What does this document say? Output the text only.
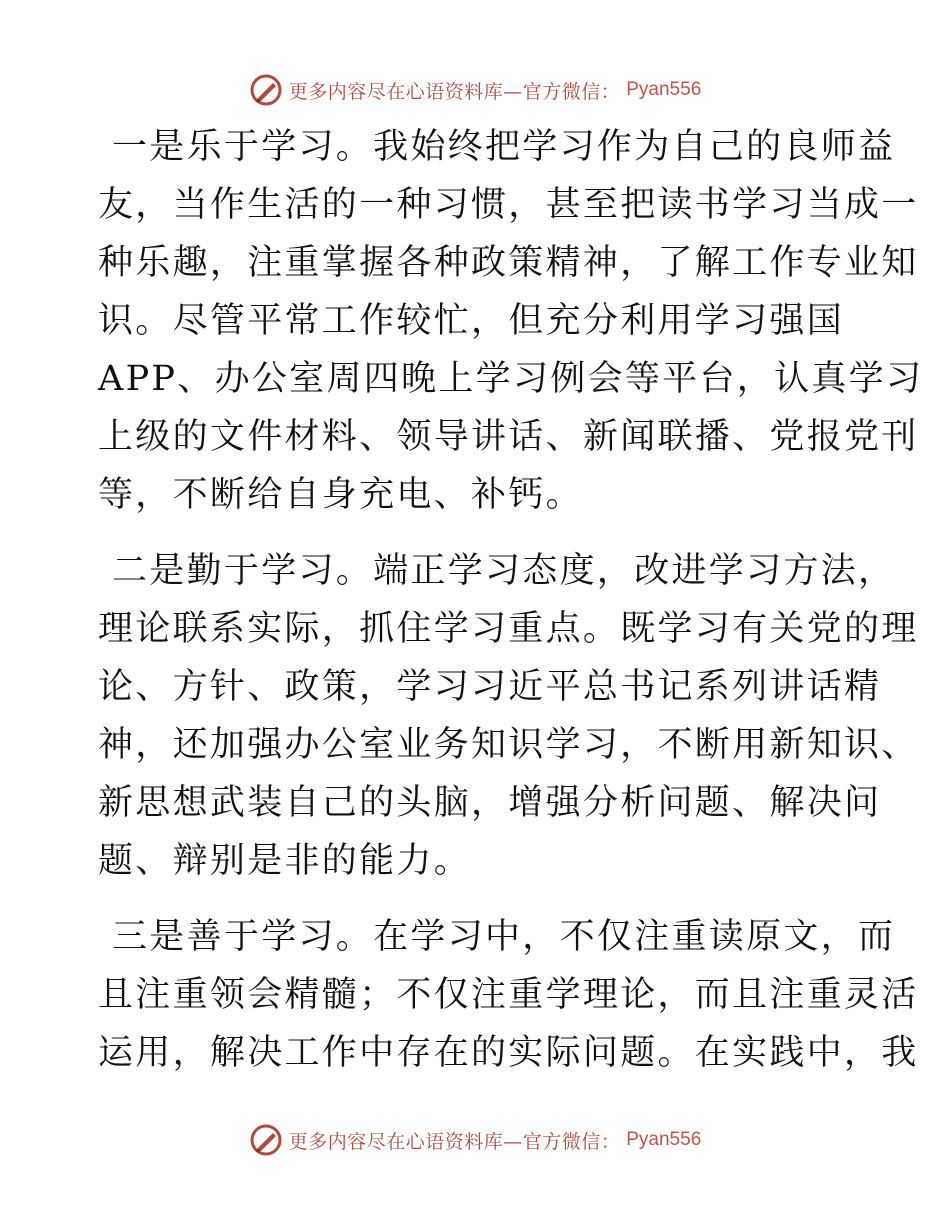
更多内容尽在心语资料库—官方微信： Pyan556
一是乐于学习。我始终把学习作为自己的良师益
友，当作生活的一种习惯，甚至把读书学习当成一
种乐趣，注重掌握各种政策精神，了解工作专业知
识。尽管平常工作较忙，但充分利用学习强国
APP、办公室周四晚上学习例会等平台，认真学习
上级的文件材料、领导讲话、新闻联播、党报党刊
等，不断给自身充电、补钙。
二是勤于学习。端正学习态度，改进学习方法，
理论联系实际，抓住学习重点。既学习有关党的理
论、方针、政策，学习习近平总书记系列讲话精
神，还加强办公室业务知识学习，不断用新知识、
新思想武装自己的头脑，增强分析问题、解决问
题、辩别是非的能力。
三是善于学习。在学习中，不仅注重读原文，而
且注重领会精髓；不仅注重学理论，而且注重灵活
运用，解决工作中存在的实际问题。在实践中，我
更多内容尽在心语资料库—官方微信： Pyan556
